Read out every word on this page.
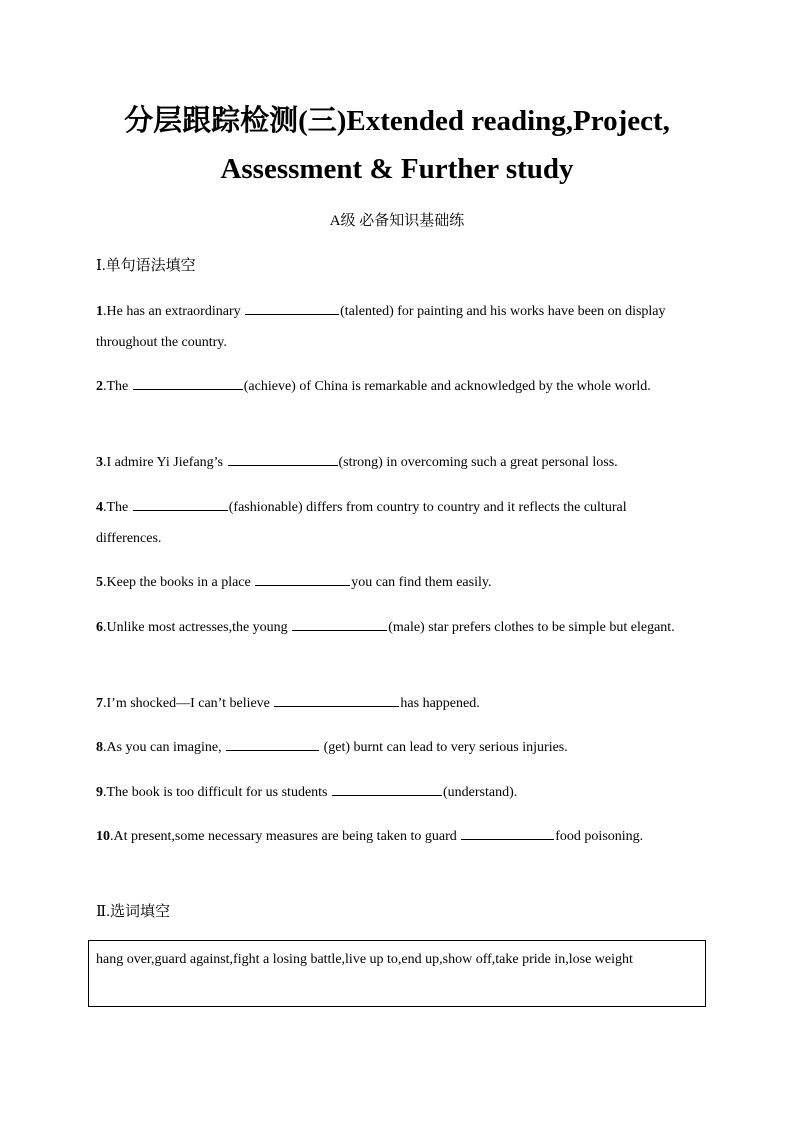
分层跟踪检测(三)Extended reading,Project,
Assessment & Further study
A级 必备知识基础练
Ⅰ.单句语法填空
1.He has an extraordinary	(talented) for painting and his works have been on display throughout the country.
2.The	(achieve) of China is remarkable and acknowledged by the whole world.
3.I admire Yi Jiefang’s	(strong) in overcoming such a great personal loss.
4.The	(fashionable) differs from country to country and it reflects the cultural differences.
5.Keep the books in a place	you can find them easily.
6.Unlike most actresses,the young	(male) star prefers clothes to be simple but elegant.
7.I’m shocked—I can’t believe	has happened.
8.As you can imagine,	(get) burnt can lead to very serious injuries.
9.The book is too difficult for us students	(understand).
10.At present,some necessary measures are being taken to guard	food poisoning.
Ⅱ.选词填空
hang over,guard against,fight a losing battle,live up to,end up,show off,take pride in,lose weight
